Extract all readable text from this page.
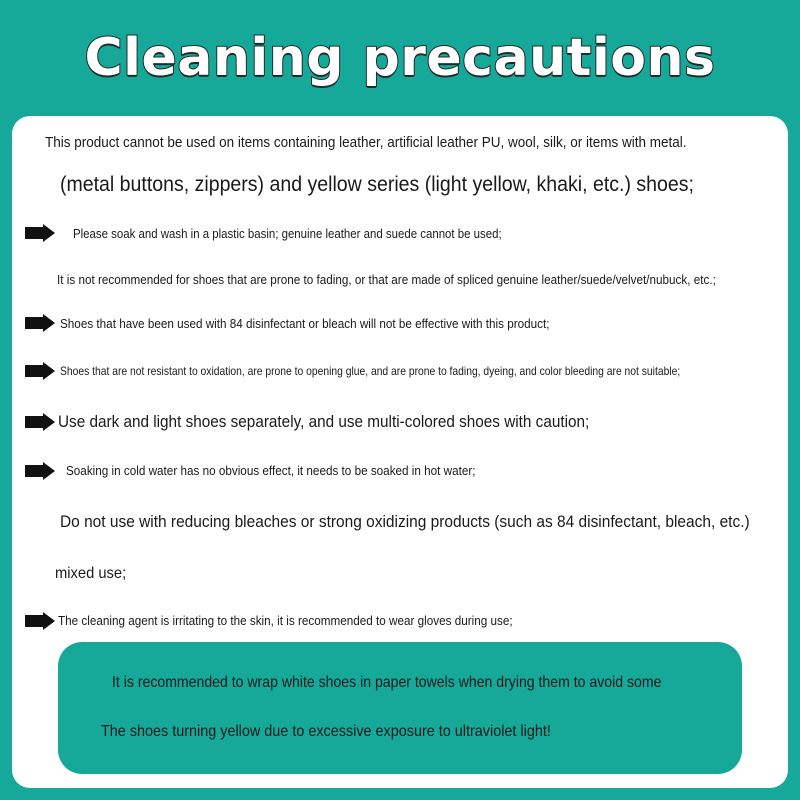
Cleaning precautions
This product cannot be used on items containing leather, artificial leather PU, wool, silk, or items with metal.
(metal buttons, zippers) and yellow series (light yellow, khaki, etc.) shoes;
Please soak and wash in a plastic basin; genuine leather and suede cannot be used;
It is not recommended for shoes that are prone to fading, or that are made of spliced genuine leather/suede/velvet/nubuck, etc.;
Shoes that have been used with 84 disinfectant or bleach will not be effective with this product;
Shoes that are not resistant to oxidation, are prone to opening glue, and are prone to fading, dyeing, and color bleeding are not suitable;
Use dark and light shoes separately, and use multi-colored shoes with caution;
Soaking in cold water has no obvious effect, it needs to be soaked in hot water;
Do not use with reducing bleaches or strong oxidizing products (such as 84 disinfectant, bleach, etc.)
mixed use;
The cleaning agent is irritating to the skin, it is recommended to wear gloves during use;
It is recommended to wrap white shoes in paper towels when drying them to avoid some
The shoes turning yellow due to excessive exposure to ultraviolet light!
